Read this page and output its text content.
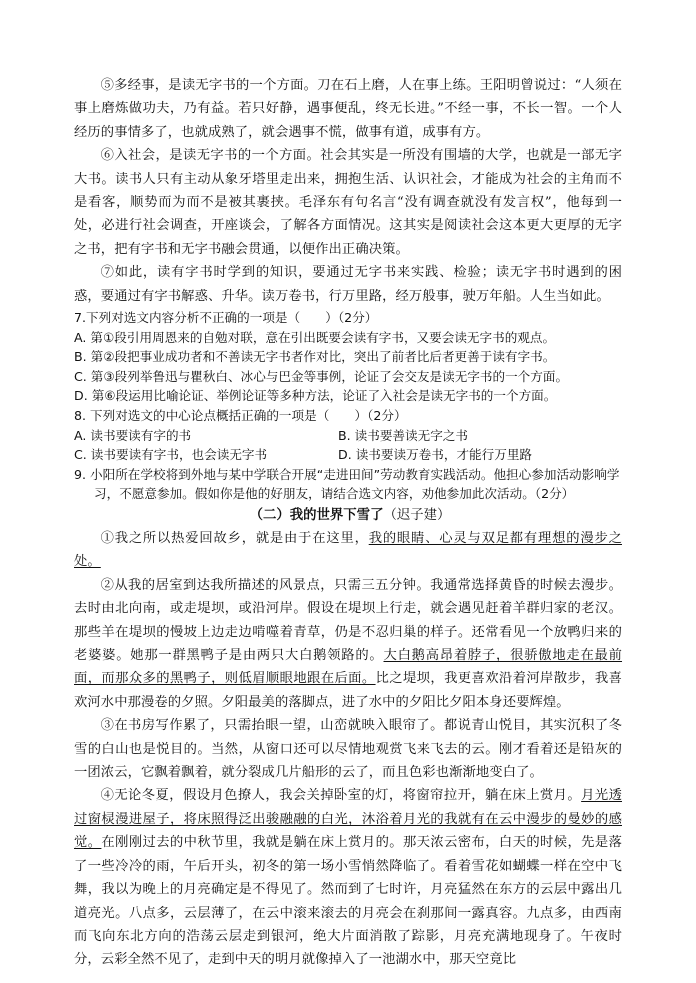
⑤多经事，是读无字书的一个方面。刀在石上磨，人在事上练。王阳明曾说过：“人须在事上磨炼做功夫，乃有益。若只好静，遇事便乱，终无长进。”不经一事，不长一智。一个人经历的事情多了，也就成熟了，就会遇事不慌，做事有道，成事有方。

⑥入社会，是读无字书的一个方面。社会其实是一所没有围墙的大学，也就是一部无字大书。读书人只有主动从象牙塔里走出来，拥抱生活、认识社会，才能成为社会的主角而不是看客，顺势而为而不是被其裹挟。毛泽东有句名言“没有调查就没有发言权”，他每到一处，必进行社会调查，开座谈会，了解各方面情况。这其实是阅读社会这本更大更厚的无字之书，把有字书和无字书融会贯通，以便作出正确决策。

⑦如此，读有字书时学到的知识，要通过无字书来实践、检验；读无字书时遇到的困惑，要通过有字书解惑、升华。读万卷书，行万里路，经万般事，驶万年船。人生当如此。

7.下列对选文内容分析不正确的一项是（　　）（2分）

A. 第①段引用周恩来的自勉对联，意在引出既要会读有字书，又要会读无字书的观点。

B. 第②段把事业成功者和不善读无字书者作对比，突出了前者比后者更善于读有字书。

C. 第③段列举鲁迅与瞿秋白、冰心与巴金等事例，论证了会交友是读无字书的一个方面。

D. 第⑥段运用比喻论证、举例论证等多种方法，论证了入社会是读无字书的一个方面。

8. 下列对选文的中心论点概括正确的一项是（　　）（2分）

A. 读书要读有字的书	B. 读书要善读无字之书
C. 读书要读有字书，也会读无字书	D. 读书要读万卷书，才能行万里路

9. 小阳所在学校将到外地与某中学联合开展“走进田间”劳动教育实践活动。他担心参加活动影响学习，不愿意参加。假如你是他的好朋友，请结合选文内容，劝他参加此次活动。（2分）

（二）我的世界下雪了（迟子建）

①我之所以热爱回故乡，就是由于在这里，我的眼睛、心灵与双足都有理想的漫步之处。

②从我的居室到达我所描述的风景点，只需三五分钟。我通常选择黄昏的时候去漫步。去时由北向南，或走堤坝，或沿河岸。假设在堤坝上行走，就会遇见赶着羊群归家的老汉。那些羊在堤坝的慢坡上边走边啃噬着青草，仍是不忍归巢的样子。还常看见一个放鸭归来的老婆婆。她那一群黑鸭子是由两只大白鹅领路的。大白鹅高昂着脖子，很骄傲地走在最前面，而那众多的黑鸭子，则低眉顺眼地跟在后面。比之堤坝，我更喜欢沿着河岸散步，我喜欢河水中那漫卷的夕照。夕阳最美的落脚点，进了水中的夕阳比夕阳本身还要辉煌。

③在书房写作累了，只需抬眼一望，山峦就映入眼帘了。都说青山悦目，其实沉积了冬雪的白山也是悦目的。当然，从窗口还可以尽情地观赏飞来飞去的云。刚才看着还是铅灰的一团浓云，它飘着飘着，就分裂成几片船形的云了，而且色彩也渐渐地变白了。

④无论冬夏，假设月色撩人，我会关掉卧室的灯，将窗帘拉开，躺在床上赏月。月光透过窗棂漫进屋子，将床照得泛出骏融融的白光，沐浴着月光的我就有在云中漫步的曼妙的感觉。在刚刚过去的中秋节里，我就是躺在床上赏月的。那天浓云密布，白天的时候，先是落了一些冷冷的雨，午后开头，初冬的第一场小雪悄然降临了。看着雪花如蝴蝶一样在空中飞舞，我以为晚上的月亮确定是不得见了。然而到了七时许，月亮猛然在东方的云层中露出几道亮光。八点多，云层薄了，在云中滚来滚去的月亮会在刹那间一露真容。九点多，由西南而飞向东北方向的浩荡云层走到银河，绝大片面消散了踪影，月亮充满地现身了。午夜时分，云彩全然不见了，走到中天的明月就像掉入了一池湖水中，那天空竟比
